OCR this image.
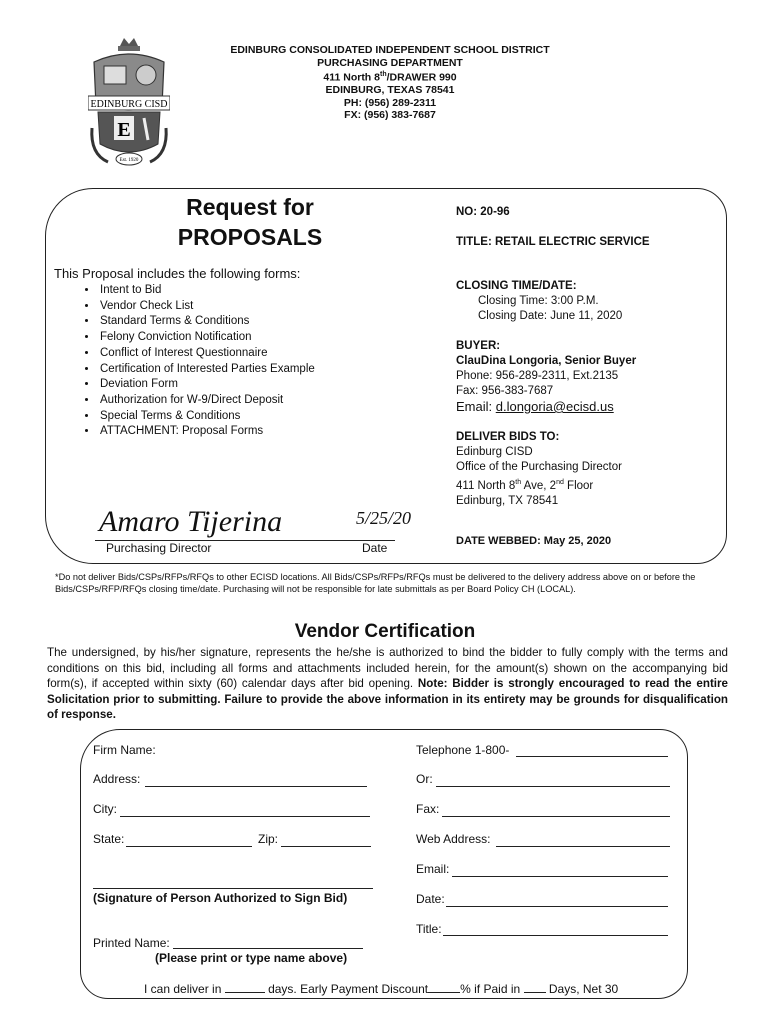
EDINBURG CISD
E
Est. 1920
EDINBURG CONSOLIDATED INDEPENDENT SCHOOL DISTRICT
PURCHASING DEPARTMENT
411 North 8th/DRAWER 990
EDINBURG, TEXAS 78541
PH: (956) 289-2311
FX: (956) 383-7687
Request for
PROPOSALS
NO: 20-96
TITLE: RETAIL ELECTRIC SERVICE
This Proposal includes the following forms:
• Intent to Bid
• Vendor Check List
• Standard Terms & Conditions
• Felony Conviction Notification
• Conflict of Interest Questionnaire
• Certification of Interested Parties Example
• Deviation Form
• Authorization for W-9/Direct Deposit
• Special Terms & Conditions
• ATTACHMENT: Proposal Forms
CLOSING TIME/DATE:
Closing Time: 3:00 P.M.
Closing Date: June 11, 2020
BUYER:
ClauDina Longoria, Senior Buyer
Phone: 956-289-2311, Ext.2135
Fax: 956-383-7687
Email: d.longoria@ecisd.us
DELIVER BIDS TO:
Edinburg CISD
Office of the Purchasing Director
411 North 8th Ave, 2nd Floor
Edinburg, TX 78541
Amaro Tijerina	5/25/20
Purchasing Director	Date	DATE WEBBED: May 25, 2020
*Do not deliver Bids/CSPs/RFPs/RFQs to other ECISD locations. All Bids/CSPs/RFPs/RFQs must be delivered to the delivery address above on or before the Bids/CSPs/RFP/RFQs closing time/date. Purchasing will not be responsible for late submittals as per Board Policy CH (LOCAL).
Vendor Certification
The undersigned, by his/her signature, represents the he/she is authorized to bind the bidder to fully comply with the terms and conditions on this bid, including all forms and attachments included herein, for the amount(s) shown on the accompanying bid form(s), if accepted within sixty (60) calendar days after bid opening. Note: Bidder is strongly encouraged to read the entire Solicitation prior to submitting. Failure to provide the above information in its entirety may be grounds for disqualification of response.
Firm Name:
Address:
City:
State:	Zip:
(Signature of Person Authorized to Sign Bid)
Printed Name:
(Please print or type name above)
Telephone 1-800-
Or:
Fax:
Web Address:
Email:
Date:
Title:
I can deliver in	days. Early Payment Discount	% if Paid in Days, Net 30
